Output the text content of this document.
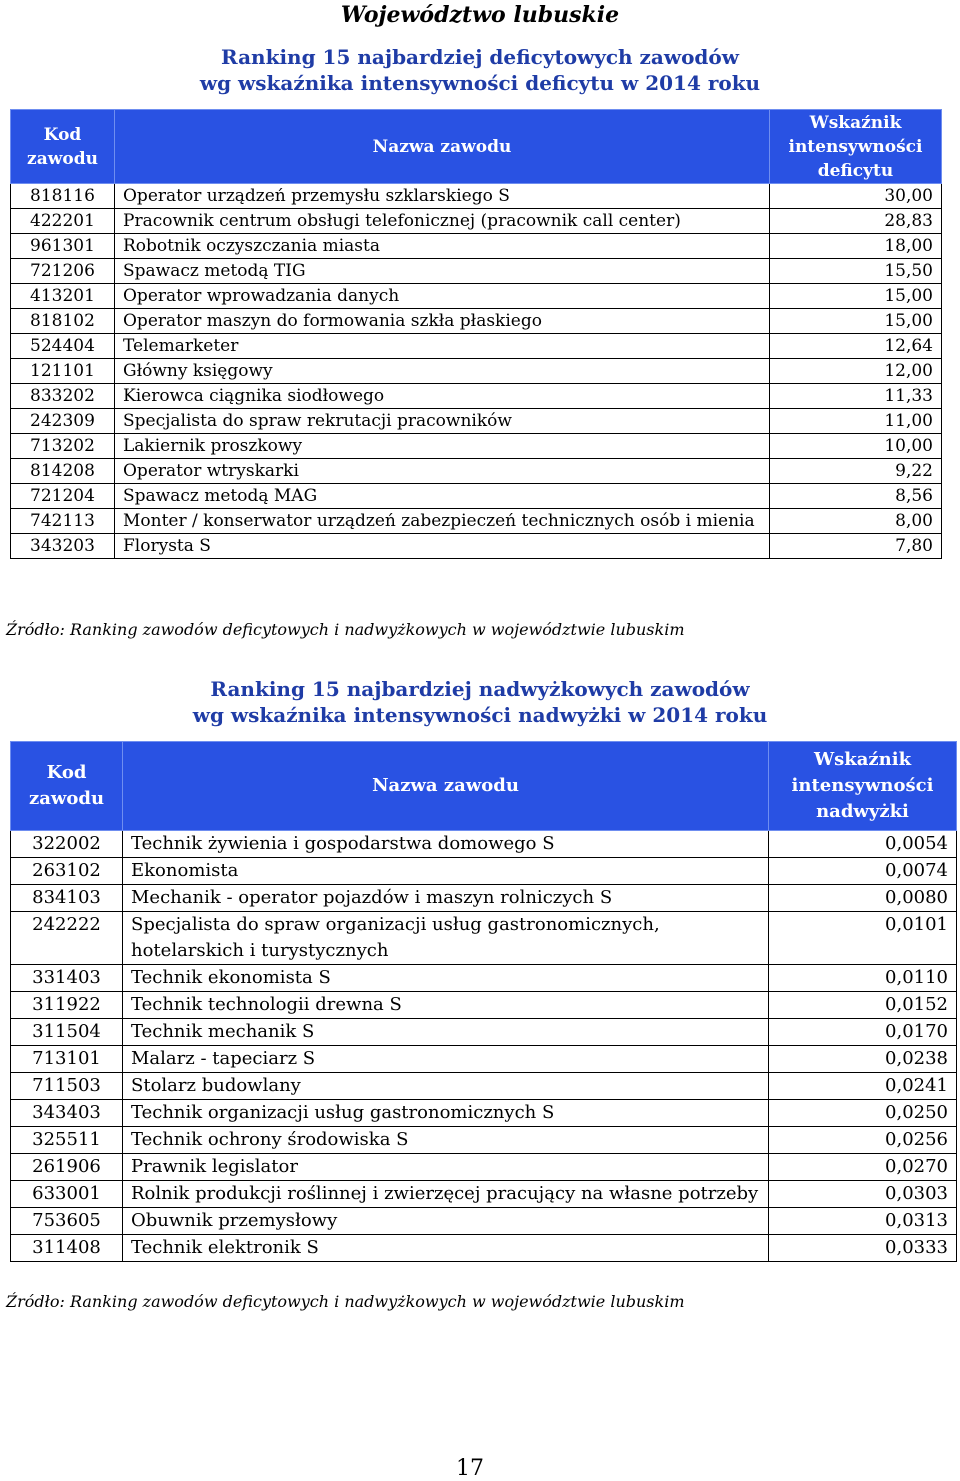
Województwo lubuskie
Ranking 15 najbardziej deficytowych zawodów
wg wskaźnika intensywności deficytu w 2014 roku
Kod zawodu	Nazwa zawodu	Wskaźnik intensywności deficytu
818116	Operator urządzeń przemysłu szklarskiego S	30,00
422201	Pracownik centrum obsługi telefonicznej (pracownik call center)	28,83
961301	Robotnik oczyszczania miasta	18,00
721206	Spawacz metodą TIG	15,50
413201	Operator wprowadzania danych	15,00
818102	Operator maszyn do formowania szkła płaskiego	15,00
524404	Telemarketer	12,64
121101	Główny księgowy	12,00
833202	Kierowca ciągnika siodłowego	11,33
242309	Specjalista do spraw rekrutacji pracowników	11,00
713202	Lakiernik proszkowy	10,00
814208	Operator wtryskarki	9,22
721204	Spawacz metodą MAG	8,56
742113	Monter / konserwator urządzeń zabezpieczeń technicznych osób i mienia	8,00
343203	Florysta S	7,80
Źródło: Ranking zawodów deficytowych i nadwyżkowych w województwie lubuskim
Ranking 15 najbardziej nadwyżkowych zawodów
wg wskaźnika intensywności nadwyżki w 2014 roku
Kod zawodu	Nazwa zawodu	Wskaźnik intensywności nadwyżki
322002	Technik żywienia i gospodarstwa domowego S	0,0054
263102	Ekonomista	0,0074
834103	Mechanik - operator pojazdów i maszyn rolniczych S	0,0080
242222	Specjalista do spraw organizacji usług gastronomicznych, hotelarskich i turystycznych	0,0101
331403	Technik ekonomista S	0,0110
311922	Technik technologii drewna S	0,0152
311504	Technik mechanik S	0,0170
713101	Malarz - tapeciarz S	0,0238
711503	Stolarz budowlany	0,0241
343403	Technik organizacji usług gastronomicznych S	0,0250
325511	Technik ochrony środowiska S	0,0256
261906	Prawnik legislator	0,0270
633001	Rolnik produkcji roślinnej i zwierzęcej pracujący na własne potrzeby	0,0303
753605	Obuwnik przemysłowy	0,0313
311408	Technik elektronik S	0,0333
Źródło: Ranking zawodów deficytowych i nadwyżkowych w województwie lubuskim
17
